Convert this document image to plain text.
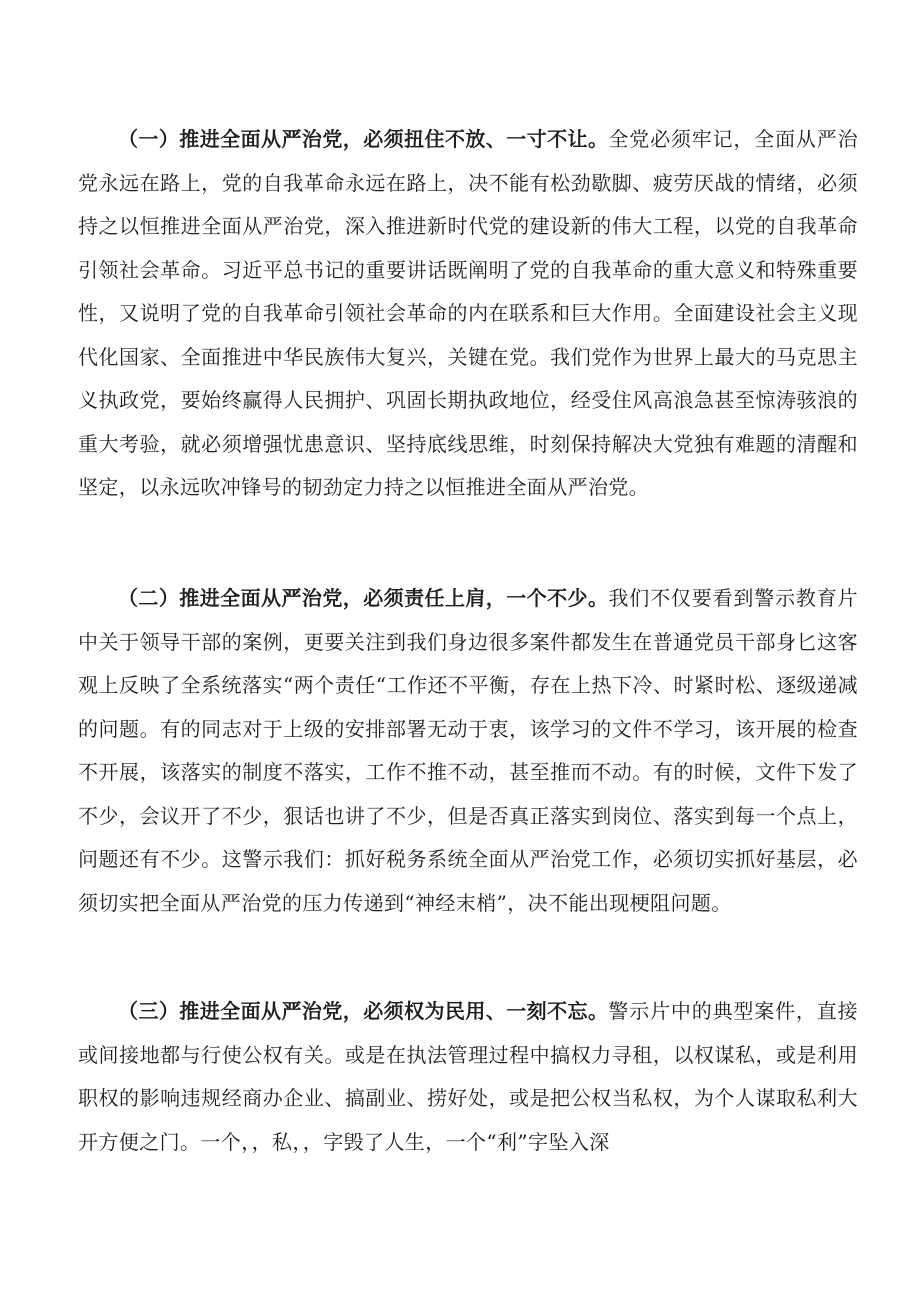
（一）推进全面从严治党，必须扭住不放、一寸不让。全党必须牢记，全面从严治党永远在路上，党的自我革命永远在路上，决不能有松劲歇脚、疲劳厌战的情绪，必须持之以恒推进全面从严治党，深入推进新时代党的建设新的伟大工程，以党的自我革命引领社会革命。习近平总书记的重要讲话既阐明了党的自我革命的重大意义和特殊重要性，又说明了党的自我革命引领社会革命的内在联系和巨大作用。全面建设社会主义现代化国家、全面推进中华民族伟大复兴，关键在党。我们党作为世界上最大的马克思主义执政党，要始终赢得人民拥护、巩固长期执政地位，经受住风高浪急甚至惊涛骇浪的重大考验，就必须增强忧患意识、坚持底线思维，时刻保持解决大党独有难题的清醒和坚定，以永远吹冲锋号的韧劲定力持之以恒推进全面从严治党。

（二）推进全面从严治党，必须责任上肩，一个不少。我们不仅要看到警示教育片中关于领导干部的案例，更要关注到我们身边很多案件都发生在普通党员干部身匕这客观上反映了全系统落实“两个责任“工作还不平衡，存在上热下冷、时紧时松、逐级递减的问题。有的同志对于上级的安排部署无动于衷，该学习的文件不学习，该开展的检查不开展，该落实的制度不落实，工作不推不动，甚至推而不动。有的时候，文件下发了不少，会议开了不少，狠话也讲了不少，但是否真正落实到岗位、落实到每一个点上，问题还有不少。这警示我们：抓好税务系统全面从严治党工作，必须切实抓好基层，必须切实把全面从严治党的压力传递到“神经末梢”，决不能出现梗阻问题。

（三）推进全面从严治党，必须权为民用、一刻不忘。警示片中的典型案件，直接或间接地都与行使公权有关。或是在执法管理过程中搞权力寻租，以权谋私，或是利用职权的影响违规经商办企业、搞副业、捞好处，或是把公权当私权，为个人谋取私利大开方便之门。一个，，私，，字毁了人生，一个“利”字坠入深
